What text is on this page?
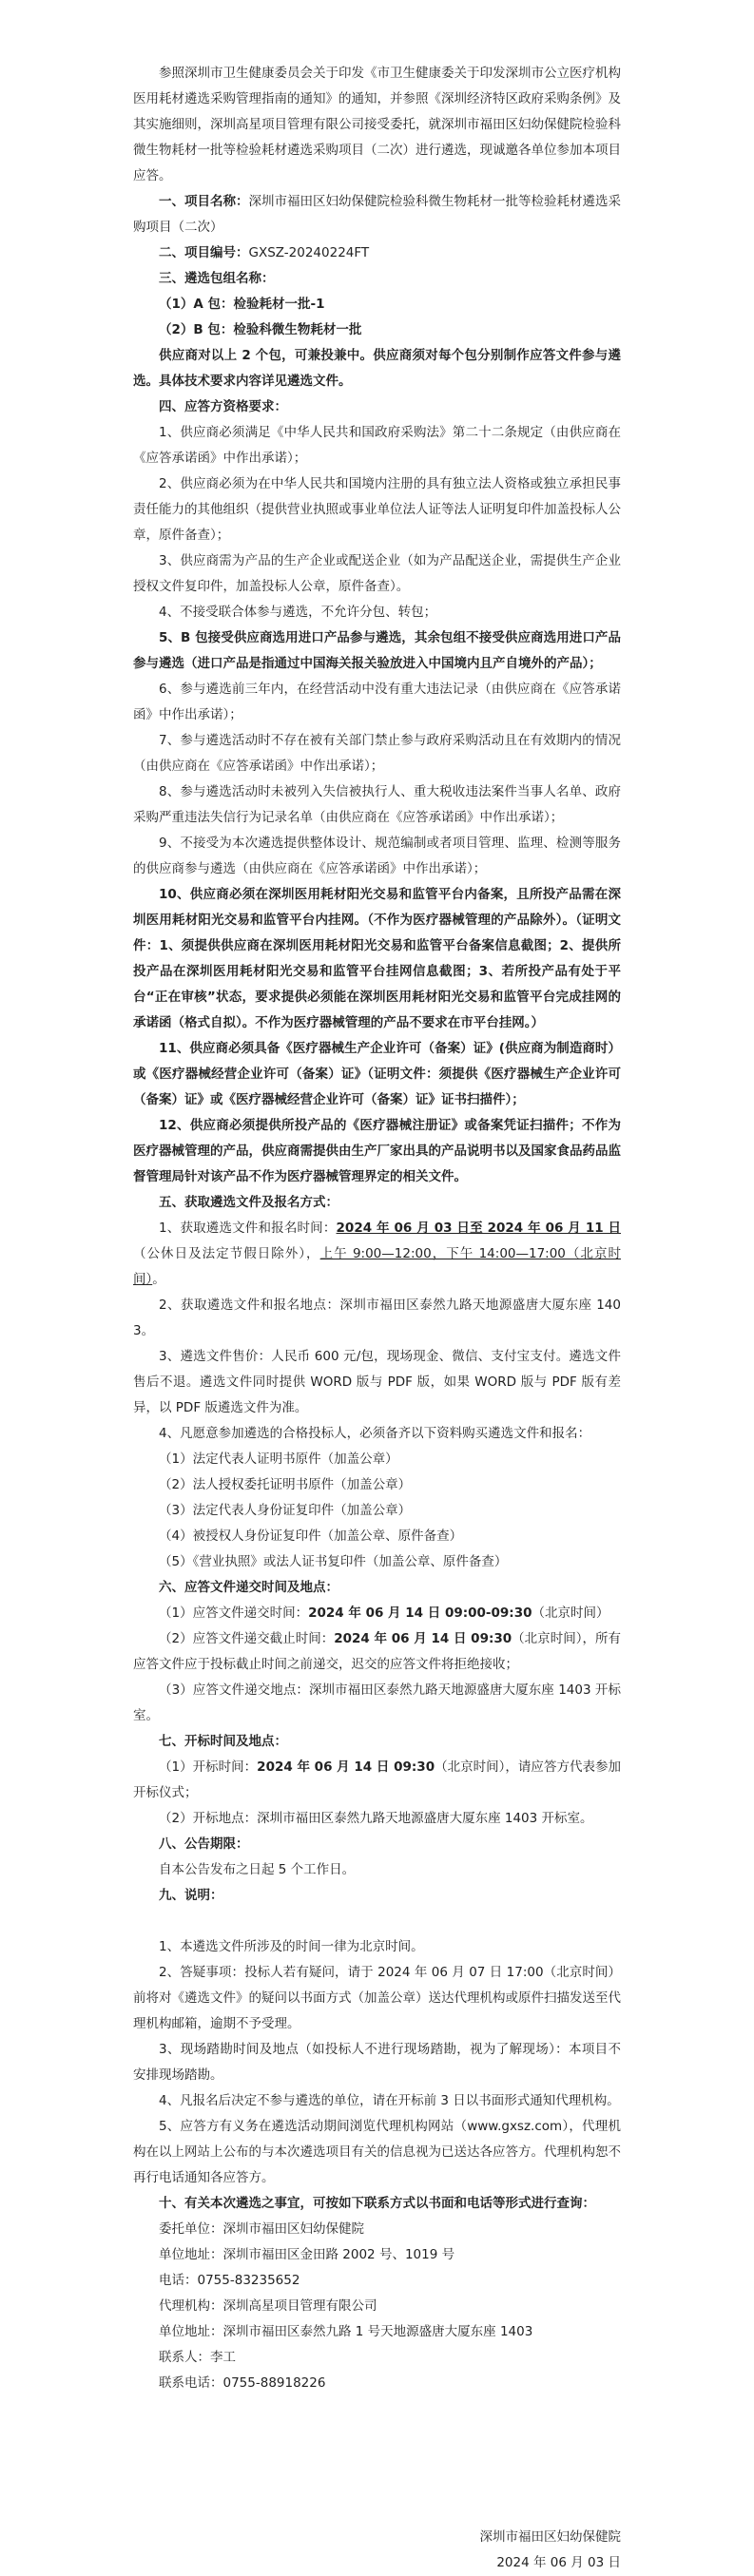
参照深圳市卫生健康委员会关于印发《市卫生健康委关于印发深圳市公立医疗机构医用耗材遴选采购管理指南的通知》的通知，并参照《深圳经济特区政府采购条例》及其实施细则，深圳高星项目管理有限公司接受委托，就深圳市福田区妇幼保健院检验科微生物耗材一批等检验耗材遴选采购项目（二次）进行遴选，现诚邀各单位参加本项目应答。
一、项目名称：深圳市福田区妇幼保健院检验科微生物耗材一批等检验耗材遴选采购项目（二次）
二、项目编号：GXSZ-20240224FT
三、遴选包组名称：
（1）A 包：检验耗材一批-1
（2）B 包：检验科微生物耗材一批
供应商对以上 2 个包，可兼投兼中。供应商须对每个包分别制作应答文件参与遴选。具体技术要求内容详见遴选文件。
四、应答方资格要求：
1、供应商必须满足《中华人民共和国政府采购法》第二十二条规定（由供应商在《应答承诺函》中作出承诺）；
2、供应商必须为在中华人民共和国境内注册的具有独立法人资格或独立承担民事责任能力的其他组织（提供营业执照或事业单位法人证等法人证明复印件加盖投标人公章，原件备查）；
3、供应商需为产品的生产企业或配送企业（如为产品配送企业，需提供生产企业授权文件复印件，加盖投标人公章，原件备查）。
4、不接受联合体参与遴选，不允许分包、转包；
5、B 包接受供应商选用进口产品参与遴选，其余包组不接受供应商选用进口产品参与遴选（进口产品是指通过中国海关报关验放进入中国境内且产自境外的产品）；
6、参与遴选前三年内，在经营活动中没有重大违法记录（由供应商在《应答承诺函》中作出承诺）；
7、参与遴选活动时不存在被有关部门禁止参与政府采购活动且在有效期内的情况（由供应商在《应答承诺函》中作出承诺）；
8、参与遴选活动时未被列入失信被执行人、重大税收违法案件当事人名单、政府采购严重违法失信行为记录名单（由供应商在《应答承诺函》中作出承诺）；
9、不接受为本次遴选提供整体设计、规范编制或者项目管理、监理、检测等服务的供应商参与遴选（由供应商在《应答承诺函》中作出承诺）；
10、供应商必须在深圳医用耗材阳光交易和监管平台内备案，且所投产品需在深圳医用耗材阳光交易和监管平台内挂网。（不作为医疗器械管理的产品除外）。（证明文件：1、须提供供应商在深圳医用耗材阳光交易和监管平台备案信息截图；2、提供所投产品在深圳医用耗材阳光交易和监管平台挂网信息截图；3、若所投产品有处于平台“正在审核”状态，要求提供必须能在深圳医用耗材阳光交易和监管平台完成挂网的承诺函（格式自拟）。不作为医疗器械管理的产品不要求在市平台挂网。）
11、供应商必须具备《医疗器械生产企业许可（备案）证》(供应商为制造商时）或《医疗器械经营企业许可（备案）证》（证明文件：须提供《医疗器械生产企业许可（备案）证》或《医疗器械经营企业许可（备案）证》证书扫描件）；
12、供应商必须提供所投产品的《医疗器械注册证》或备案凭证扫描件；不作为医疗器械管理的产品，供应商需提供由生产厂家出具的产品说明书以及国家食品药品监督管理局针对该产品不作为医疗器械管理界定的相关文件。
五、获取遴选文件及报名方式：
1、获取遴选文件和报名时间：2024 年 06 月 03 日至 2024 年 06 月 11 日（公休日及法定节假日除外），上午 9:00—12:00，下午 14:00—17:00（北京时间）。
2、获取遴选文件和报名地点：深圳市福田区泰然九路天地源盛唐大厦东座 1403。
3、遴选文件售价：人民币 600 元/包，现场现金、微信、支付宝支付。遴选文件售后不退。遴选文件同时提供 WORD 版与 PDF 版，如果 WORD 版与 PDF 版有差异，以 PDF 版遴选文件为准。
4、凡愿意参加遴选的合格投标人，必须备齐以下资料购买遴选文件和报名：
（1）法定代表人证明书原件（加盖公章）
（2）法人授权委托证明书原件（加盖公章）
（3）法定代表人身份证复印件（加盖公章）
（4）被授权人身份证复印件（加盖公章、原件备查）
（5）《营业执照》或法人证书复印件（加盖公章、原件备查）
六、应答文件递交时间及地点：
（1）应答文件递交时间：2024 年 06 月 14 日 09:00-09:30（北京时间）
（2）应答文件递交截止时间：2024 年 06 月 14 日 09:30（北京时间），所有应答文件应于投标截止时间之前递交，迟交的应答文件将拒绝接收；
（3）应答文件递交地点：深圳市福田区泰然九路天地源盛唐大厦东座 1403 开标室。
七、开标时间及地点：
（1）开标时间：2024 年 06 月 14 日 09:30（北京时间），请应答方代表参加开标仪式；
（2）开标地点：深圳市福田区泰然九路天地源盛唐大厦东座 1403 开标室。
八、公告期限：
自本公告发布之日起 5 个工作日。
九、说明：
1、本遴选文件所涉及的时间一律为北京时间。
2、答疑事项：投标人若有疑问，请于 2024 年 06 月 07 日 17:00（北京时间）前将对《遴选文件》的疑问以书面方式（加盖公章）送达代理机构或原件扫描发送至代理机构邮箱，逾期不予受理。
3、现场踏勘时间及地点（如投标人不进行现场踏勘，视为了解现场）：本项目不安排现场踏勘。
4、凡报名后决定不参与遴选的单位，请在开标前 3 日以书面形式通知代理机构。
5、应答方有义务在遴选活动期间浏览代理机构网站（www.gxsz.com），代理机构在以上网站上公布的与本次遴选项目有关的信息视为已送达各应答方。代理机构恕不再行电话通知各应答方。
十、有关本次遴选之事宜，可按如下联系方式以书面和电话等形式进行查询：
委托单位：深圳市福田区妇幼保健院
单位地址：深圳市福田区金田路 2002 号、1019 号
电话：0755-83235652
代理机构：深圳高星项目管理有限公司
单位地址：深圳市福田区泰然九路 1 号天地源盛唐大厦东座 1403
联系人：李工
联系电话：0755-88918226
深圳市福田区妇幼保健院
2024 年 06 月 03 日
